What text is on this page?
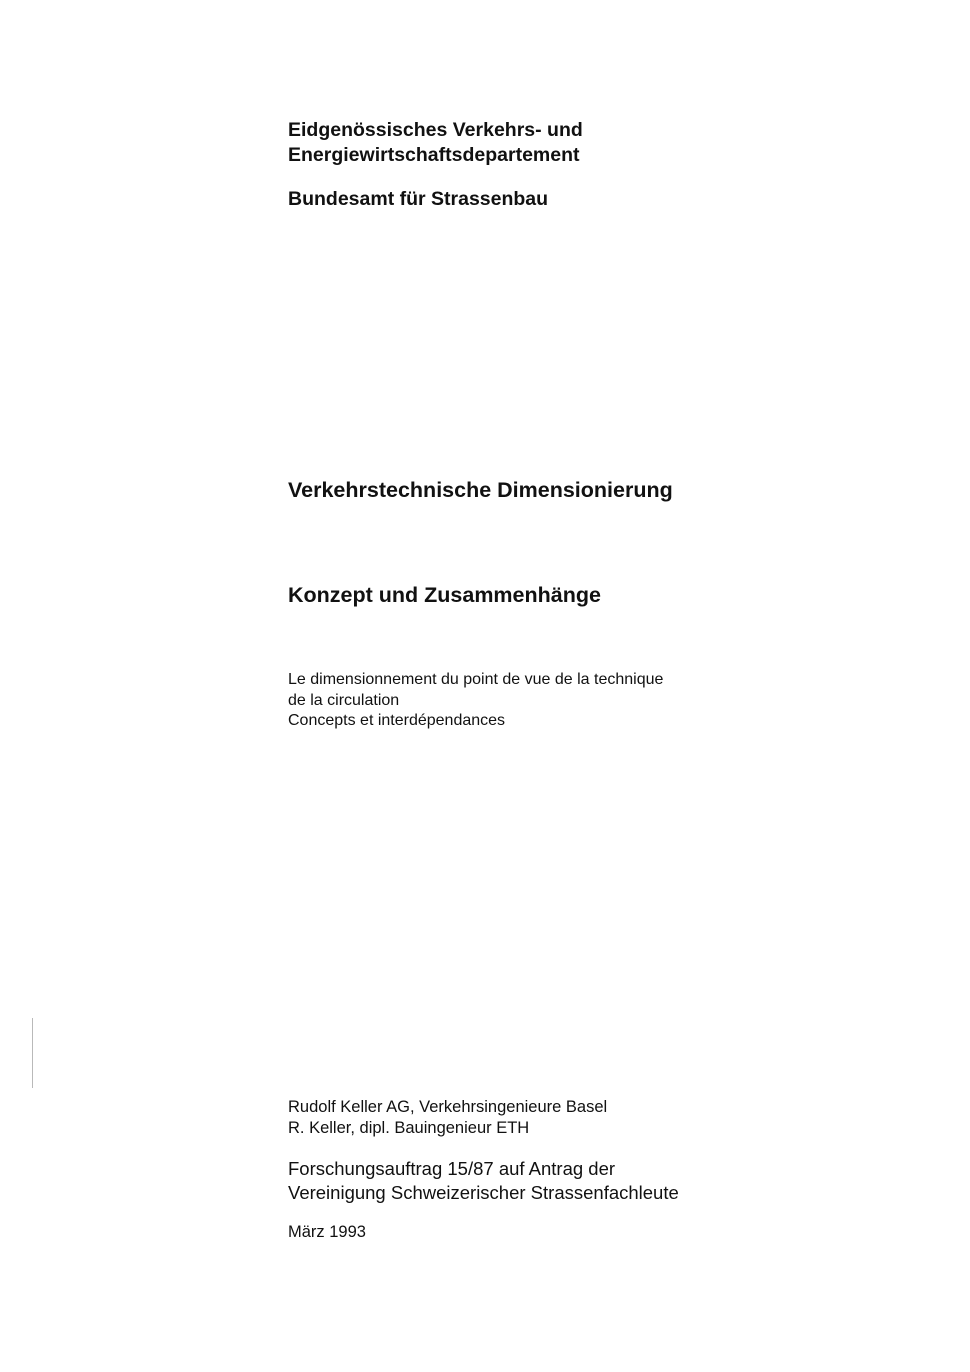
Eidgenössisches Verkehrs- und
Energiewirtschaftsdepartement
Bundesamt für Strassenbau
Verkehrstechnische Dimensionierung
Konzept und Zusammenhänge
Le dimensionnement du point de vue de la technique
de la circulation
Concepts et interdépendances
Rudolf Keller AG, Verkehrsingenieure Basel
R. Keller, dipl. Bauingenieur ETH
Forschungsauftrag 15/87 auf Antrag der
Vereinigung Schweizerischer Strassenfachleute
März 1993
